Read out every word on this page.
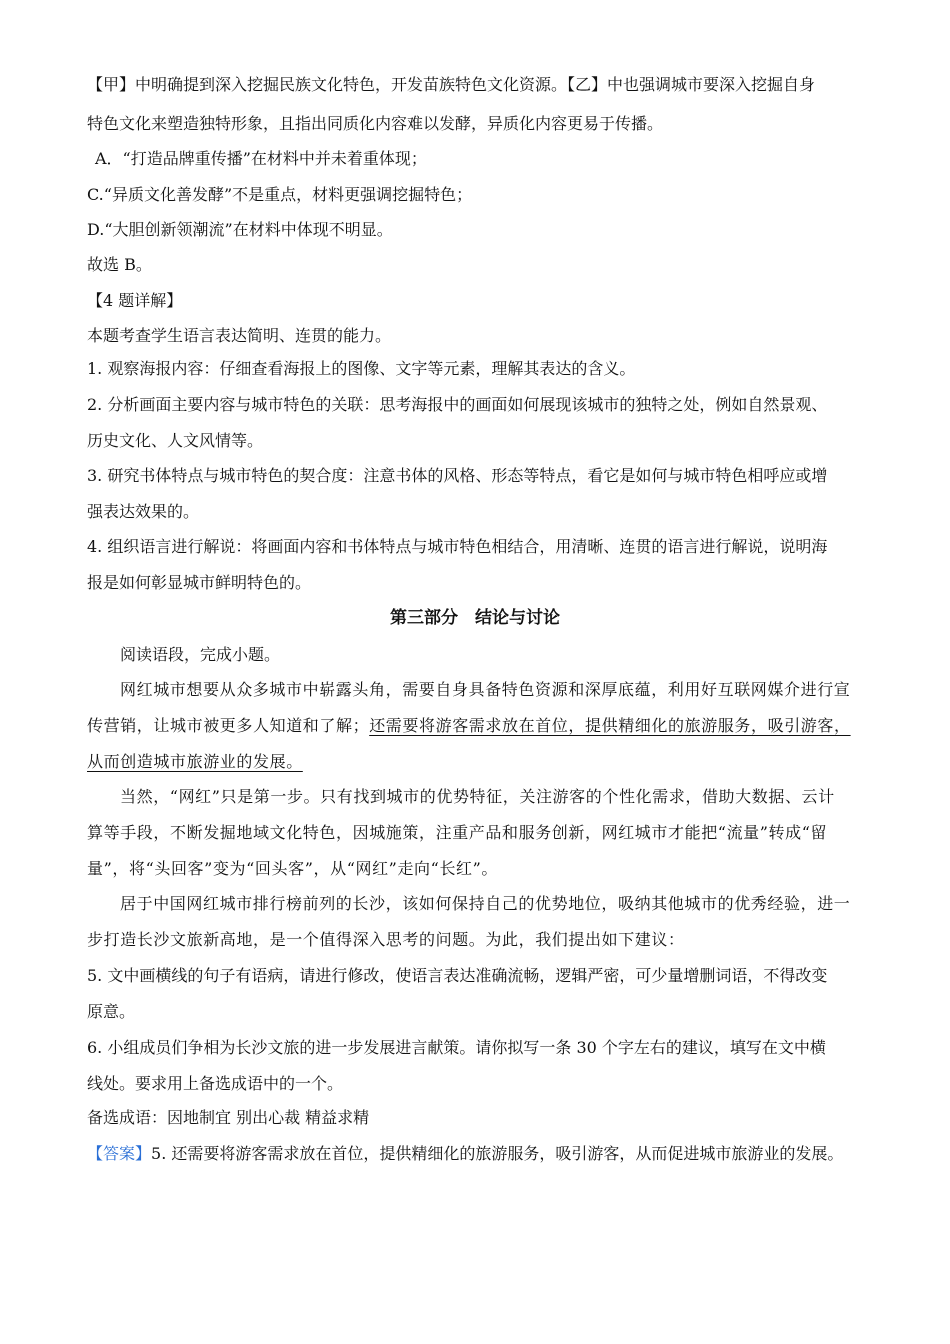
【甲】中明确提到深入挖掘民族文化特色，开发苗族特色文化资源。【乙】中也强调城市要深入挖掘自身

特色文化来塑造独特形象，且指出同质化内容难以发酵，异质化内容更易于传播。

A．“打造品牌重传播”在材料中并未着重体现；

C.“异质文化善发酵”不是重点，材料更强调挖掘特色；

D.“大胆创新领潮流”在材料中体现不明显。

故选 B。

【4 题详解】

本题考查学生语言表达简明、连贯的能力。

1. 观察海报内容：仔细查看海报上的图像、文字等元素，理解其表达的含义。

2. 分析画面主要内容与城市特色的关联：思考海报中的画面如何展现该城市的独特之处，例如自然景观、

历史文化、人文风情等。

3. 研究书体特点与城市特色的契合度：注意书体的风格、形态等特点，看它是如何与城市特色相呼应或增

强表达效果的。

4. 组织语言进行解说：将画面内容和书体特点与城市特色相结合，用清晰、连贯的语言进行解说，说明海

报是如何彰显城市鲜明特色的。

第三部分　结论与讨论

阅读语段，完成小题。

网红城市想要从众多城市中崭露头角，需要自身具备特色资源和深厚底蕴，利用好互联网媒介进行宣

传营销，让城市被更多人知道和了解；还需要将游客需求放在首位，提供精细化的旅游服务，吸引游客，

从而创造城市旅游业的发展。

当然，“网红”只是第一步。只有找到城市的优势特征，关注游客的个性化需求，借助大数据、云计

算等手段，不断发掘地域文化特色，因城施策，注重产品和服务创新，网红城市才能把“流量”转成“留

量”，将“头回客”变为“回头客”，从“网红”走向“长红”。

居于中国网红城市排行榜前列的长沙，该如何保持自己的优势地位，吸纳其他城市的优秀经验，进一

步打造长沙文旅新高地，是一个值得深入思考的问题。为此，我们提出如下建议：

5. 文中画横线的句子有语病，请进行修改，使语言表达准确流畅，逻辑严密，可少量增删词语，不得改变

原意。

6. 小组成员们争相为长沙文旅的进一步发展进言献策。请你拟写一条 30 个字左右的建议，填写在文中横

线处。要求用上备选成语中的一个。

备选成语：因地制宜 别出心裁 精益求精

【答案】5. 还需要将游客需求放在首位，提供精细化的旅游服务，吸引游客，从而促进城市旅游业的发展。
